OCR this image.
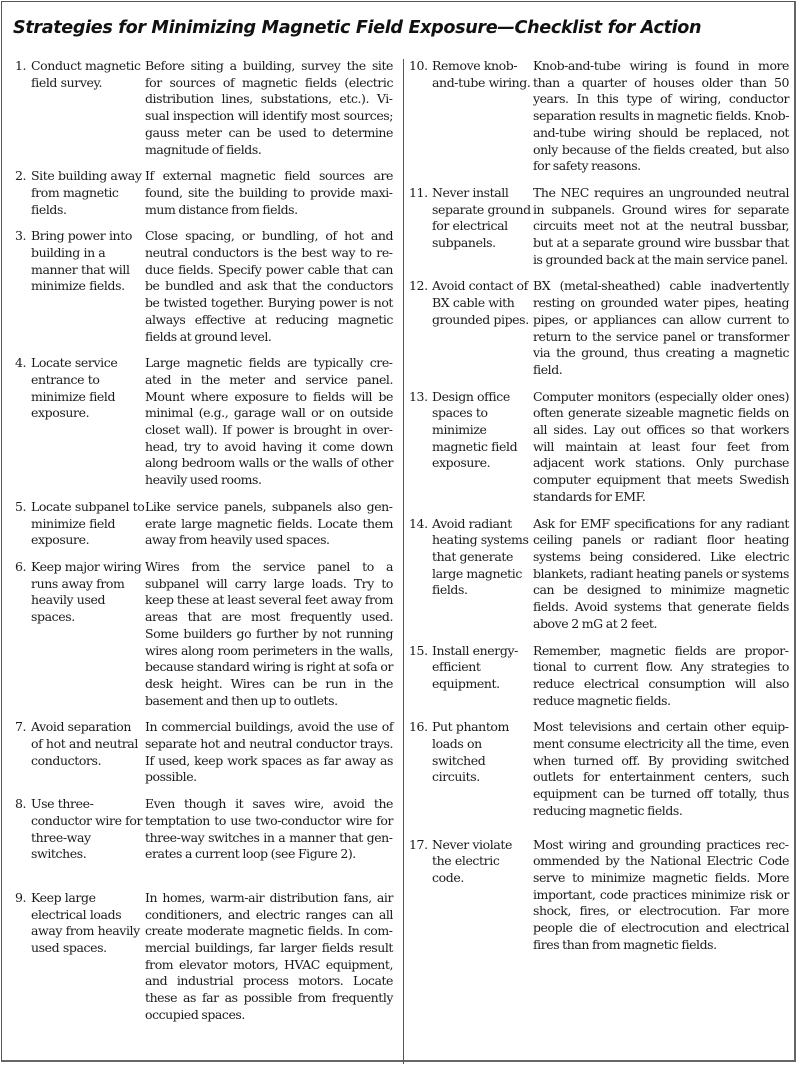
Strategies for Minimizing Magnetic Field Exposure—Checklist for Action
1. Conduct magnetic field survey.
Before siting a building, survey the site for sources of magnetic fields (electric distribution lines, substations, etc.). Visual inspection will identify most sources; gauss meter can be used to determine magnitude of fields.
2. Site building away from magnetic fields.
If external magnetic field sources are found, site the building to provide maximum distance from fields.
3. Bring power into building in a manner that will minimize fields.
Close spacing, or bundling, of hot and neutral conductors is the best way to reduce fields. Specify power cable that can be bundled and ask that the conductors be twisted together. Burying power is not always effective at reducing magnetic fields at ground level.
4. Locate service entrance to minimize field exposure.
Large magnetic fields are typically created in the meter and service panel. Mount where exposure to fields will be minimal (e.g., garage wall or on outside closet wall). If power is brought in overhead, try to avoid having it come down along bedroom walls or the walls of other heavily used rooms.
5. Locate subpanel to minimize field exposure.
Like service panels, subpanels also generate large magnetic fields. Locate them away from heavily used spaces.
6. Keep major wiring runs away from heavily used spaces.
Wires from the service panel to a subpanel will carry large loads. Try to keep these at least several feet away from areas that are most frequently used. Some builders go further by not running wires along room perimeters in the walls, because standard wiring is right at sofa or desk height. Wires can be run in the basement and then up to outlets.
7. Avoid separation of hot and neutral conductors.
In commercial buildings, avoid the use of separate hot and neutral conductor trays. If used, keep work spaces as far away as possible.
8. Use three-conductor wire for three-way switches.
Even though it saves wire, avoid the temptation to use two-conductor wire for three-way switches in a manner that generates a current loop (see Figure 2).
9. Keep large electrical loads away from heavily used spaces.
In homes, warm-air distribution fans, air conditioners, and electric ranges can all create moderate magnetic fields. In commercial buildings, far larger fields result from elevator motors, HVAC equipment, and industrial process motors. Locate these as far as possible from frequently occupied spaces.
10. Remove knob-and-tube wiring.
Knob-and-tube wiring is found in more than a quarter of houses older than 50 years. In this type of wiring, conductor separation results in magnetic fields. Knob-and-tube wiring should be replaced, not only because of the fields created, but also for safety reasons.
11. Never install separate ground for electrical subpanels.
The NEC requires an ungrounded neutral in subpanels. Ground wires for separate circuits meet not at the neutral bussbar, but at a separate ground wire bussbar that is grounded back at the main service panel.
12. Avoid contact of BX cable with grounded pipes.
BX (metal-sheathed) cable inadvertently resting on grounded water pipes, heating pipes, or appliances can allow current to return to the service panel or transformer via the ground, thus creating a magnetic field.
13. Design office spaces to minimize magnetic field exposure.
Computer monitors (especially older ones) often generate sizeable magnetic fields on all sides. Lay out offices so that workers will maintain at least four feet from adjacent work stations. Only purchase computer equipment that meets Swedish standards for EMF.
14. Avoid radiant heating systems that generate large magnetic fields.
Ask for EMF specifications for any radiant ceiling panels or radiant floor heating systems being considered. Like electric blankets, radiant heating panels or systems can be designed to minimize magnetic fields. Avoid systems that generate fields above 2 mG at 2 feet.
15. Install energy-efficient equipment.
Remember, magnetic fields are proportional to current flow. Any strategies to reduce electrical consumption will also reduce magnetic fields.
16. Put phantom loads on switched circuits.
Most televisions and certain other equipment consume electricity all the time, even when turned off. By providing switched outlets for entertainment centers, such equipment can be turned off totally, thus reducing magnetic fields.
17. Never violate the electric code.
Most wiring and grounding practices recommended by the National Electric Code serve to minimize magnetic fields. More important, code practices minimize risk or shock, fires, or electrocution. Far more people die of electrocution and electrical fires than from magnetic fields.
